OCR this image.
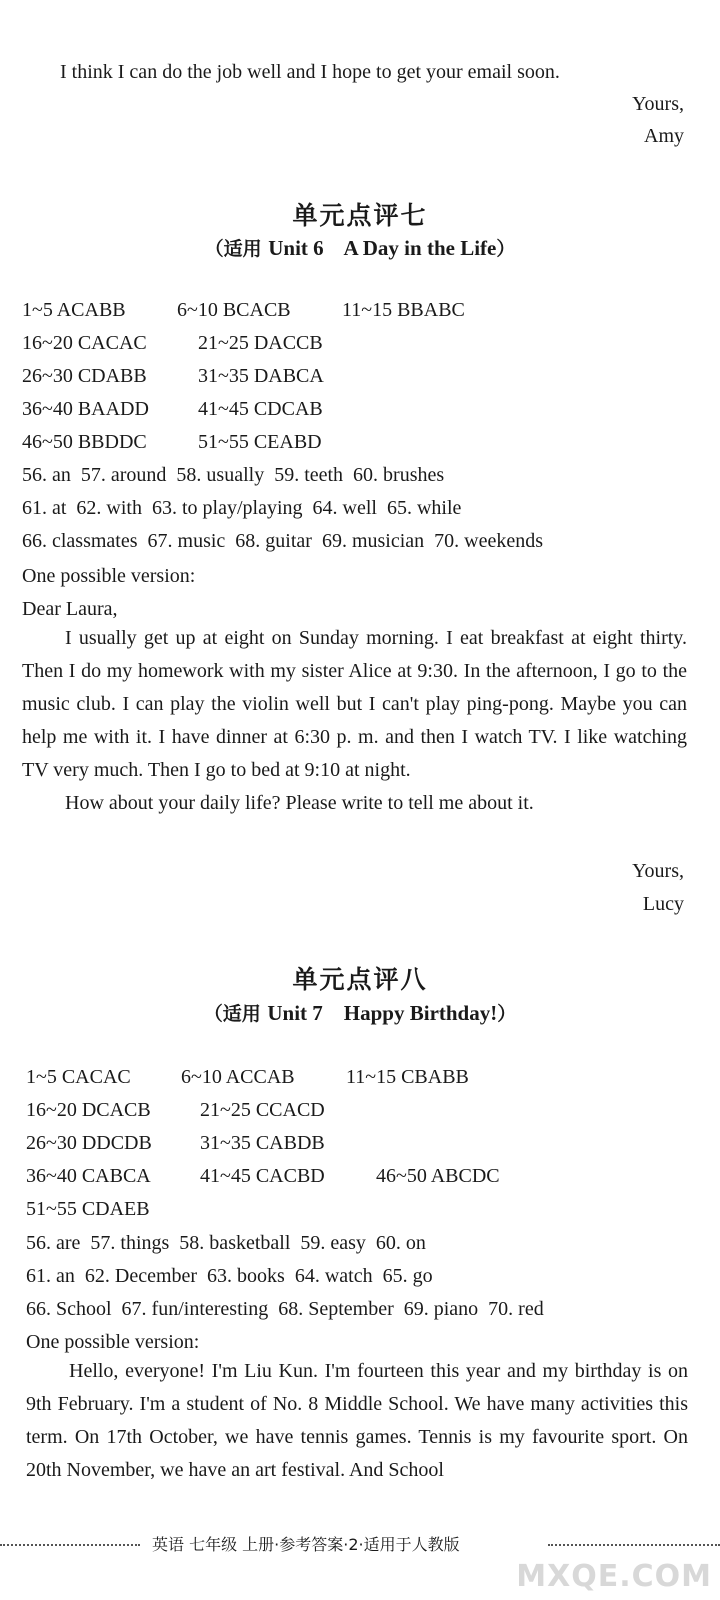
I think I can do the job well and I hope to get your email soon.
Yours,
Amy
单元点评七
（适用 Unit 6    A Day in the Life）
1~5 ACABB	6~10 BCACB	11~15 BBABC
16~20 CACAC	21~25 DACCB
26~30 CDABB	31~35 DABCA
36~40 BAADD 41~45 CDCAB
46~50 BBDDC	51~55 CEABD
56. an  57. around  58. usually  59. teeth  60. brushes
61. at  62. with  63. to play/playing  64. well  65. while
66. classmates  67. music  68. guitar  69. musician  70. weekends
One possible version:
Dear Laura,

I usually get up at eight on Sunday morning. I eat breakfast at eight thirty. Then I do my homework with my sister Alice at 9:30. In the afternoon, I go to the music club. I can play the violin well but I can't play ping-pong. Maybe you can help me with it. I have dinner at 6:30 p. m. and then I watch TV. I like watching TV very much. Then I go to bed at 9:10 at night.

How about your daily life? Please write to tell me about it.

Yours,
Lucy
单元点评八
（适用 Unit 7    Happy Birthday!）
1~5 CACAC	6~10 ACCAB	11~15 CBABB
16~20 DCACB 21~25 CCACD
26~30 DDCDB 31~35 CABDB
36~40 CABCA 41~45 CACBD	46~50 ABCDC
51~55 CDAEB
56. are  57. things  58. basketball  59. easy  60. on
61. an  62. December  63. books  64. watch  65. go
66. School  67. fun/interesting  68. September  69. piano  70. red
One possible version:

Hello, everyone! I'm Liu Kun. I'm fourteen this year and my birthday is on 9th February. I'm a student of No. 8 Middle School. We have many activities this term. On 17th October, we have tennis games. Tennis is my favourite sport. On 20th November, we have an art festival. And School

英语 七年级 上册·参考答案·2·适用于人教版
MXQE.COM
